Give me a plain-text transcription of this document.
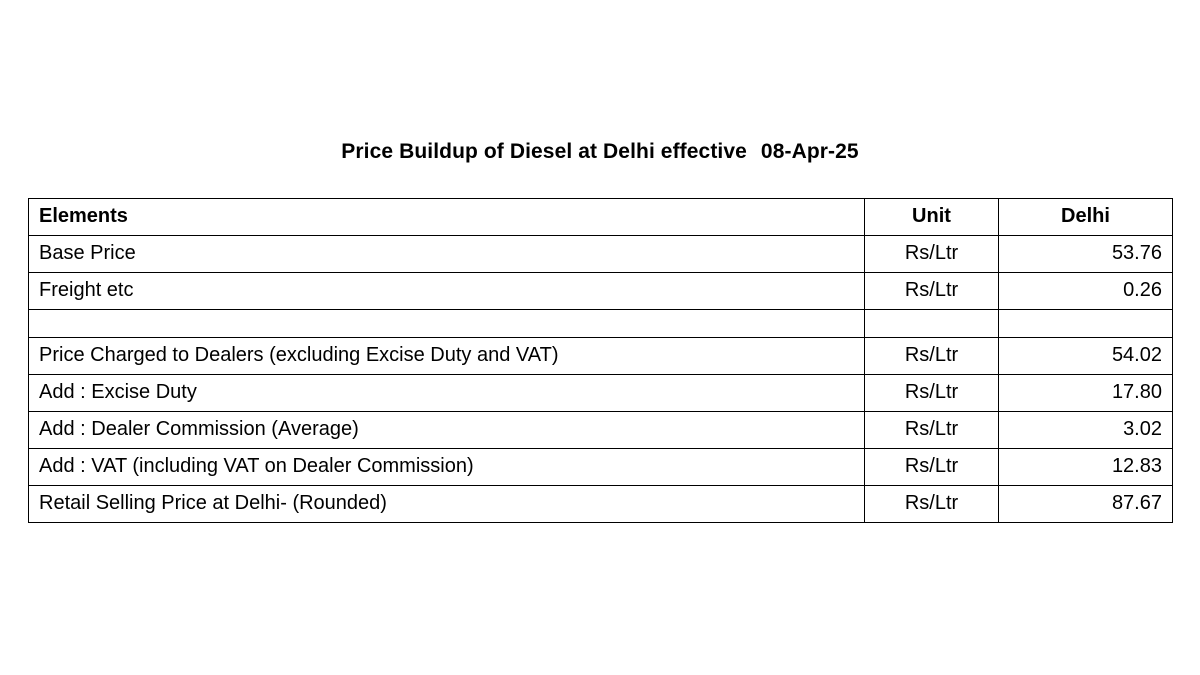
Price Buildup of Diesel at Delhi effective 08-Apr-25
Elements	Unit	Delhi
Base Price	Rs/Ltr	53.76
Freight etc	Rs/Ltr	0.26

Price Charged to Dealers (excluding Excise Duty and VAT)	Rs/Ltr	54.02
Add : Excise Duty	Rs/Ltr	17.80
Add : Dealer Commission (Average)	Rs/Ltr	3.02
Add : VAT (including VAT on Dealer Commission)	Rs/Ltr	12.83
Retail Selling Price at Delhi- (Rounded)	Rs/Ltr	87.67
